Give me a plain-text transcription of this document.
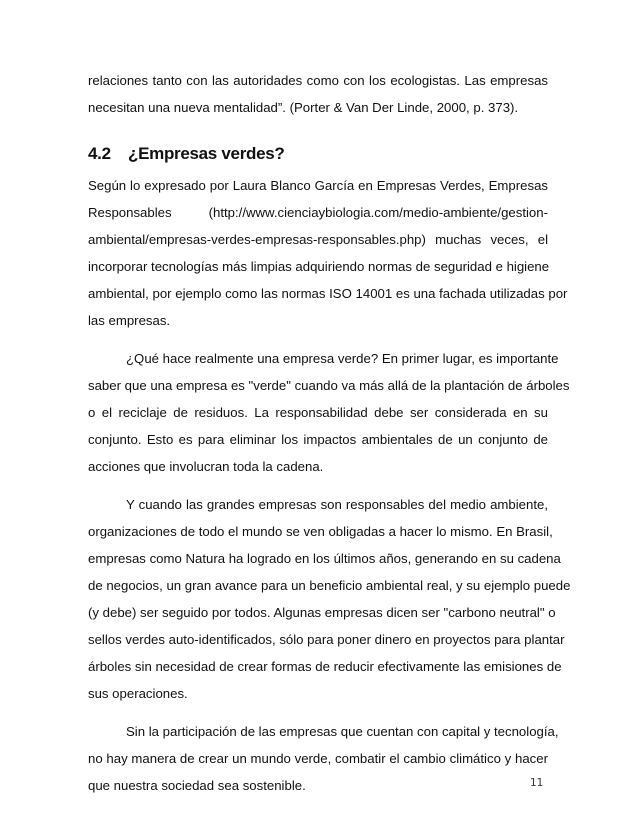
relaciones tanto con las autoridades como con los ecologistas. Las empresas
necesitan una nueva mentalidad”. (Porter & Van Der Linde, 2000, p. 373).
4.2 ¿Empresas verdes?
Según lo expresado por Laura Blanco García en Empresas Verdes, Empresas
Responsables (http://www.cienciaybiologia.com/medio-ambiente/gestion-
ambiental/empresas-verdes-empresas-responsables.php) muchas veces, el
incorporar tecnologías más limpias adquiriendo normas de seguridad e higiene
ambiental, por ejemplo como las normas ISO 14001 es una fachada utilizadas por
las empresas.
¿Qué hace realmente una empresa verde? En primer lugar, es importante
saber que una empresa es "verde" cuando va más allá de la plantación de árboles
o el reciclaje de residuos. La responsabilidad debe ser considerada en su
conjunto. Esto es para eliminar los impactos ambientales de un conjunto de
acciones que involucran toda la cadena.
Y cuando las grandes empresas son responsables del medio ambiente,
organizaciones de todo el mundo se ven obligadas a hacer lo mismo. En Brasil,
empresas como Natura ha logrado en los últimos años, generando en su cadena
de negocios, un gran avance para un beneficio ambiental real, y su ejemplo puede
(y debe) ser seguido por todos. Algunas empresas dicen ser "carbono neutral" o
sellos verdes auto-identificados, sólo para poner dinero en proyectos para plantar
árboles sin necesidad de crear formas de reducir efectivamente las emisiones de
sus operaciones.
Sin la participación de las empresas que cuentan con capital y tecnología,
no hay manera de crear un mundo verde, combatir el cambio climático y hacer
que nuestra sociedad sea sostenible.	11
